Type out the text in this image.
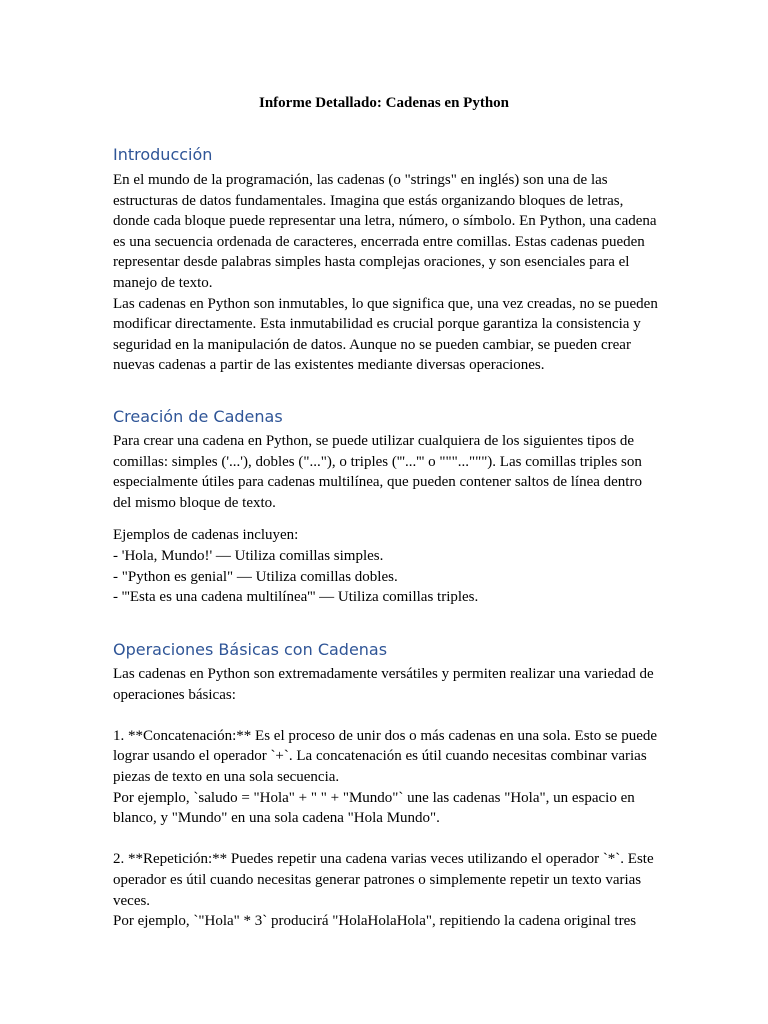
Informe Detallado: Cadenas en Python
Introducción

En el mundo de la programación, las cadenas (o "strings" en inglés) son una de las estructuras de datos fundamentales. Imagina que estás organizando bloques de letras, donde cada bloque puede representar una letra, número, o símbolo. En Python, una cadena es una secuencia ordenada de caracteres, encerrada entre comillas. Estas cadenas pueden representar desde palabras simples hasta complejas oraciones, y son esenciales para el manejo de texto.

Las cadenas en Python son inmutables, lo que significa que, una vez creadas, no se pueden modificar directamente. Esta inmutabilidad es crucial porque garantiza la consistencia y seguridad en la manipulación de datos. Aunque no se pueden cambiar, se pueden crear nuevas cadenas a partir de las existentes mediante diversas operaciones.

Creación de Cadenas

Para crear una cadena en Python, se puede utilizar cualquiera de los siguientes tipos de comillas: simples ('...'), dobles ("..."), o triples ('''...''' o """..."""). Las comillas triples son especialmente útiles para cadenas multilínea, que pueden contener saltos de línea dentro del mismo bloque de texto.

Ejemplos de cadenas incluyen:

- 'Hola, Mundo!' — Utiliza comillas simples.
- "Python es genial" — Utiliza comillas dobles.
- '''Esta es una cadena multilínea''' — Utiliza comillas triples.
Operaciones Básicas con Cadenas

Las cadenas en Python son extremadamente versátiles y permiten realizar una variedad de operaciones básicas:

1. **Concatenación:** Es el proceso de unir dos o más cadenas en una sola. Esto se puede lograr usando el operador `+`. La concatenación es útil cuando necesitas combinar varias piezas de texto en una sola secuencia.

Por ejemplo, `saludo = "Hola" + " " + "Mundo"` une las cadenas "Hola", un espacio en blanco, y "Mundo" en una sola cadena "Hola Mundo".

2. **Repetición:** Puedes repetir una cadena varias veces utilizando el operador `*`. Este operador es útil cuando necesitas generar patrones o simplemente repetir un texto varias veces.

Por ejemplo, `"Hola" * 3` producirá "HolaHolaHola", repitiendo la cadena original tres
